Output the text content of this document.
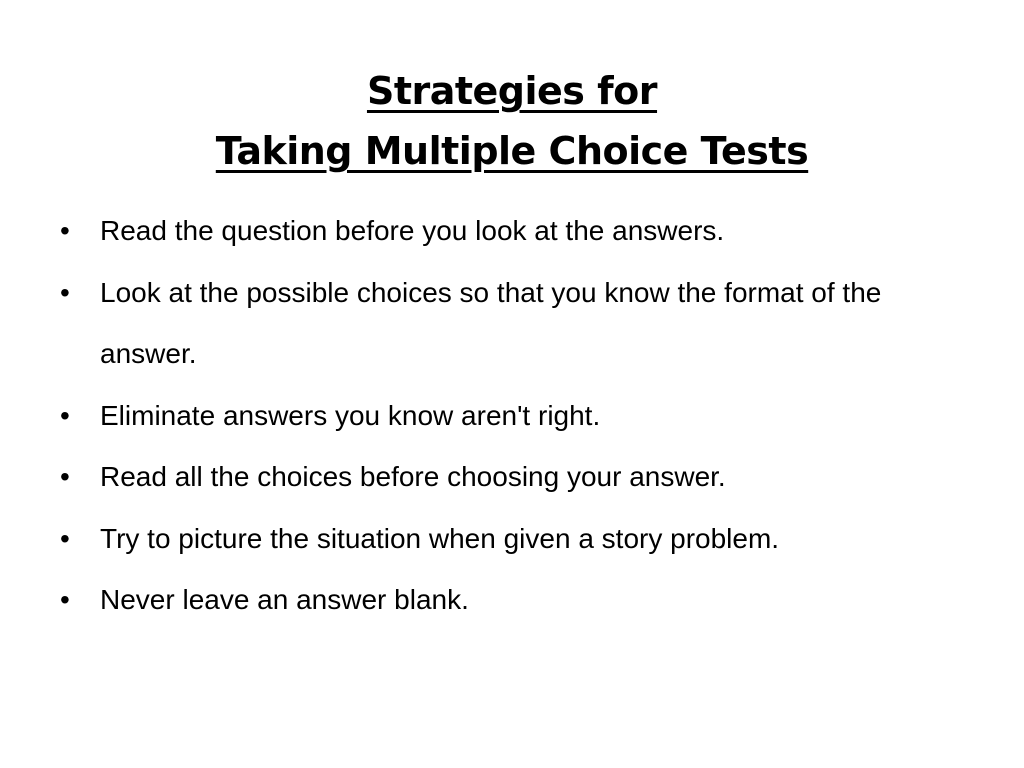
Strategies for
Taking Multiple Choice Tests
• Read the question before you look at the answers.
• Look at the possible choices so that you know the format of the answer.
• Eliminate answers you know aren't right.
• Read all the choices before choosing your answer.
• Try to picture the situation when given a story problem.
• Never leave an answer blank.
